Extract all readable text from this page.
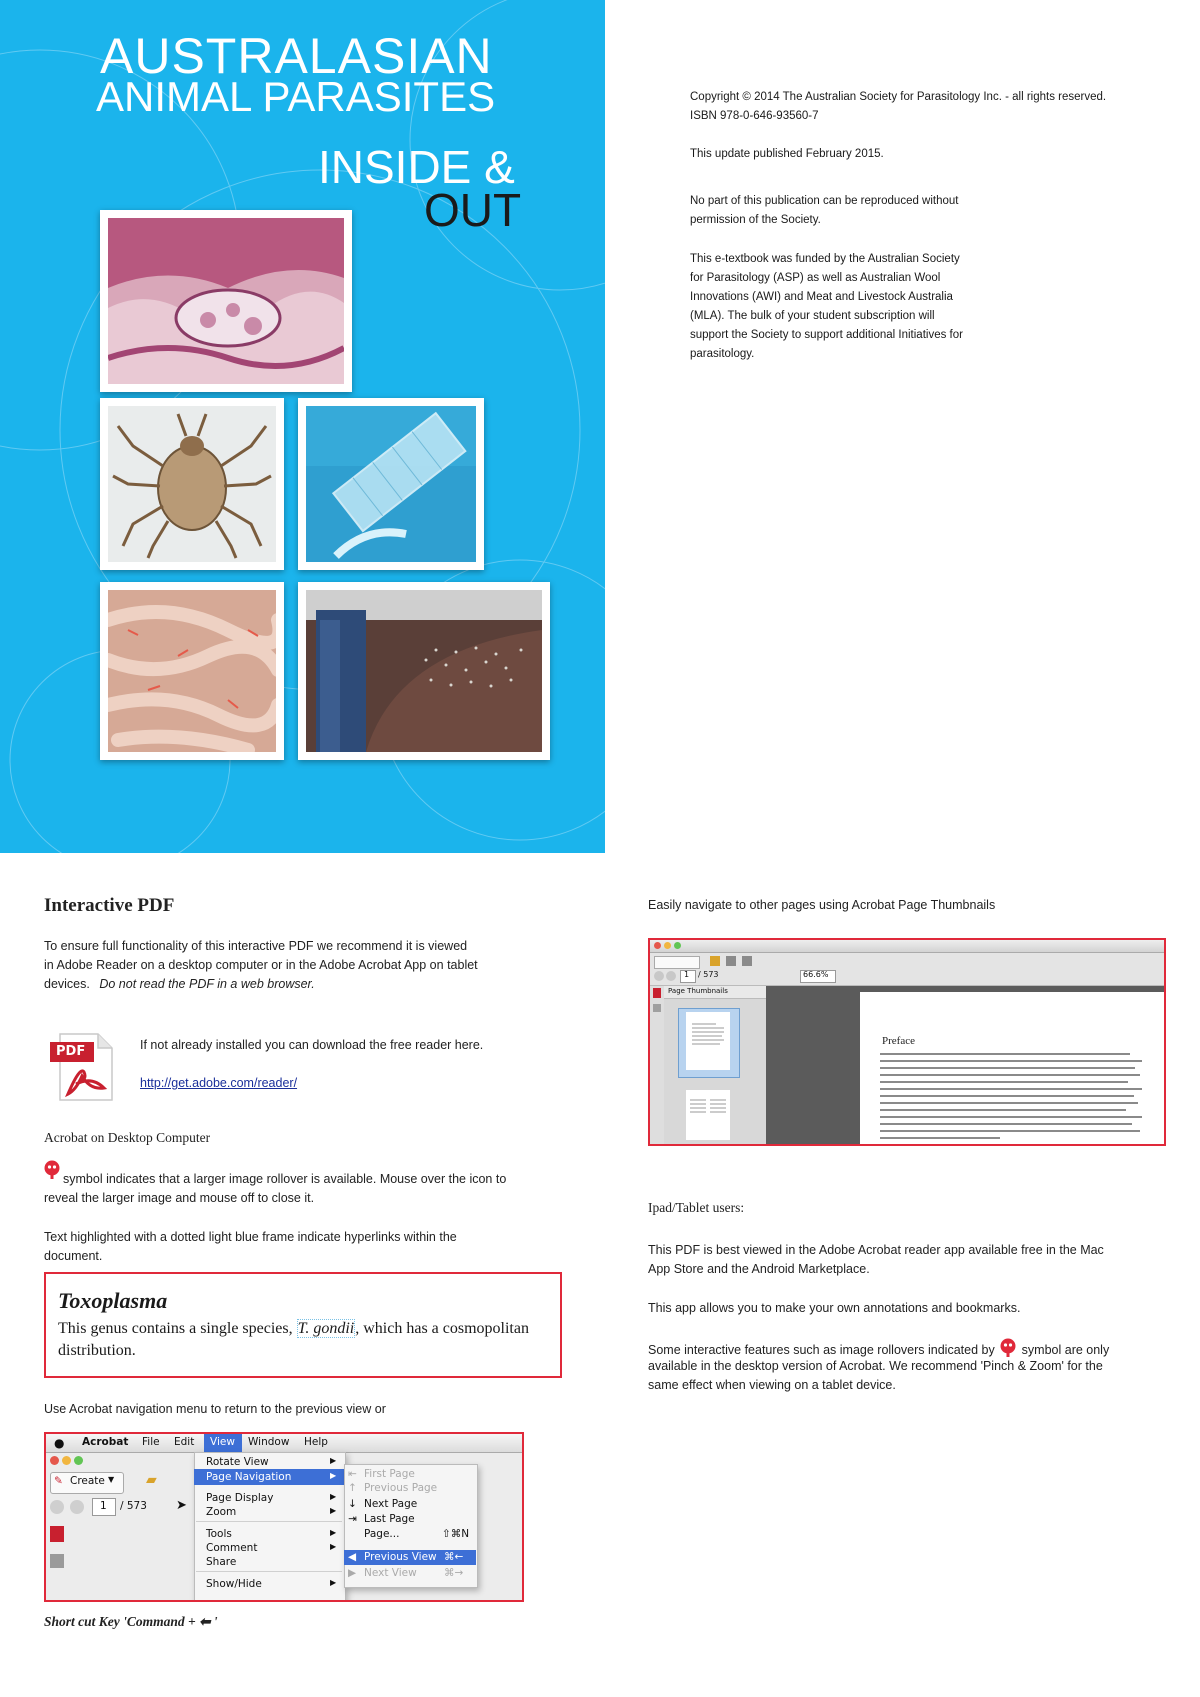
AUSTRALASIAN
ANIMAL PARASITES
INSIDE &
OUT
Copyright © 2014 The Australian Society for Parasitology Inc. - all rights reserved.
ISBN 978-0-646-93560-7
This update published February 2015.
No part of this publication can be reproduced without
permission of the Society.
This e-textbook was funded by the Australian Society
for Parasitology (ASP) as well as Australian Wool
Innovations (AWI) and Meat and Livestock Australia
(MLA). The bulk of your student subscription will
support the Society to support additional Initiatives for
parasitology.
Interactive PDF
To ensure full functionality of this interactive PDF we recommend it is viewed
in Adobe Reader on a desktop computer or in the Adobe Acrobat App on tablet
devices. Do not read the PDF in a web browser.
PDF	If not already installed you can download the free reader here.
http://get.adobe.com/reader/
Acrobat on Desktop Computer
symbol indicates that a larger image rollover is available. Mouse over the icon to
reveal the larger image and mouse off to close it.
Text highlighted with a dotted light blue frame indicate hyperlinks within the
document.
Toxoplasma
This genus contains a single species, T. gondii, which has a cosmopolitan
distribution.
Use Acrobat navigation menu to return to the previous view or
● Acrobat File Edit View Window Help
✎ Create ▼ ▰
1 / 573 ➤
Rotate View	▶
Page Navigation	▶
Page Display	▶
Zoom	▶
Tools	▶
Comment	▶
Share
Show/Hide	▶
⇤ First Page
↑ Previous Page
↓ Next Page
⇥ Last Page
Page...	⇧⌘N
◀ Previous View ⌘←
▶ Next View	⌘→
Short cut Key 'Command + ⬅ '
Easily navigate to other pages using Acrobat Page Thumbnails
1 / 573	66.6%
Page Thumbnails
Preface
Ipad/Tablet users:
This PDF is best viewed in the Adobe Acrobat reader app available free in the Mac
App Store and the Android Marketplace.
This app allows you to make your own annotations and bookmarks.
Some interactive features such as image rollovers indicated by symbol are only
available in the desktop version of Acrobat. We recommend 'Pinch & Zoom' for the
same effect when viewing on a tablet device.
